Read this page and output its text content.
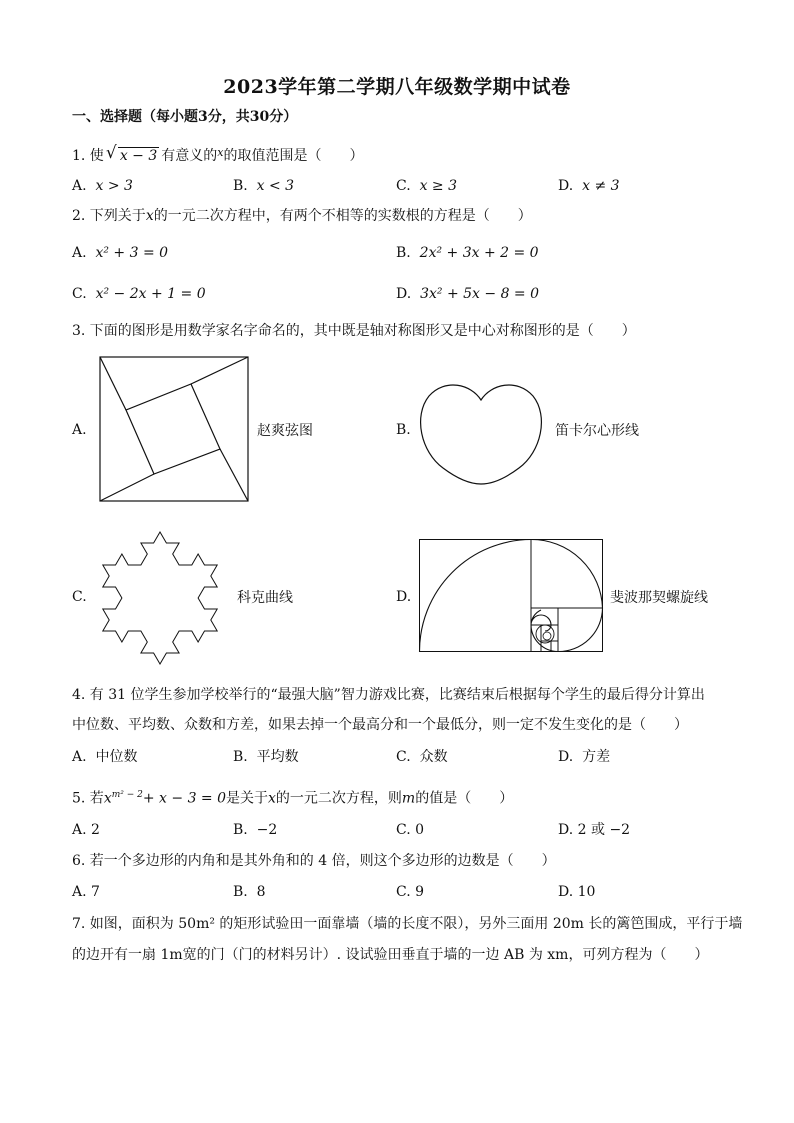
2023学年第二学期八年级数学期中试卷
一、选择题（每小题3分，共30分）
1. 使 √ x − 3 有意义的$^x$的取值范围是（　　）
A. x > 3	B. x < 3	C. x ≥ 3	D. x ≠ 3
2. 下列关于x的一元二次方程中，有两个不相等的实数根的方程是（　　）
A. x² + 3 = 0	B. 2x² + 3x + 2 = 0
C. x² − 2x + 1 = 0	D. 3x² + 5x − 8 = 0
3. 下面的图形是用数学家名字命名的，其中既是轴对称图形又是中心对称图形的是（　　）
A.	赵爽弦图	B.	笛卡尔心形线
C.	科克曲线	D.	斐波那契螺旋线
4. 有 31 位学生参加学校举行的“最强大脑”智力游戏比赛，比赛结束后根据每个学生的最后得分计算出
中位数、平均数、众数和方差，如果去掉一个最高分和一个最低分，则一定不发生变化的是（　　）
A. 中位数	B. 平均数	C. 众数	D. 方差
5. 若$x^{m^2 - 2}+ x - 3 = 0$是关于x的一元二次方程，则m的值是（　　）
A. 2	B. −2	C. 0	D. 2 或 −2
6. 若一个多边形的内角和是其外角和的 4 倍，则这个多边形的边数是（　　）
A. 7	B. 8	C. 9	D. 10
7. 如图，面积为 50m² 的矩形试验田一面靠墙（墙的长度不限），另外三面用 20m 长的篱笆围成，平行于墙
的边开有一扇 1m宽的门（门的材料另计）. 设试验田垂直于墙的一边 AB 为 xm，可列方程为（　　）
